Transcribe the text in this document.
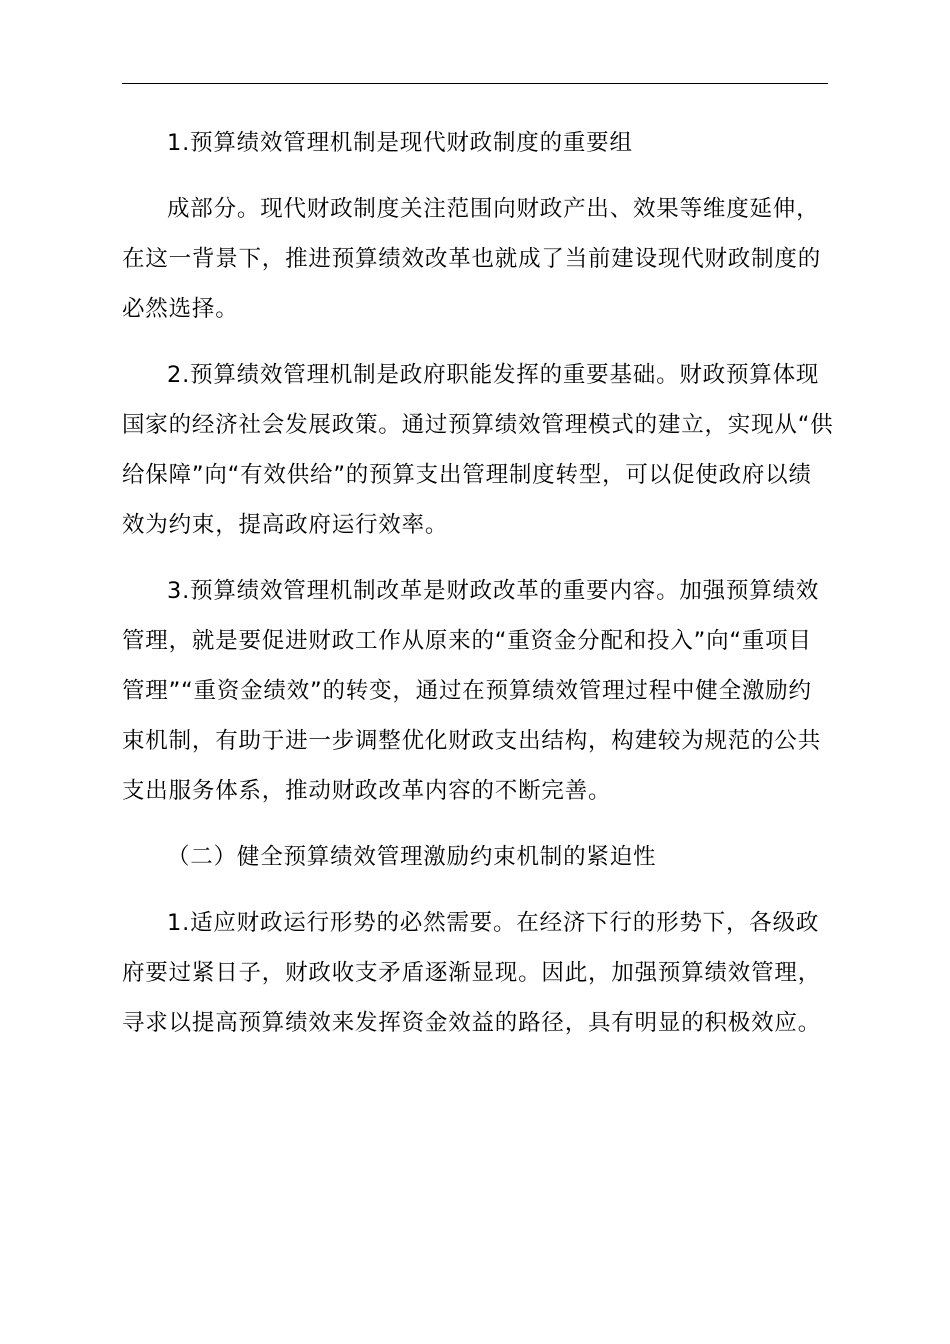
1.预算绩效管理机制是现代财政制度的重要组

成部分。现代财政制度关注范围向财政产出、效果等维度延伸，在这一背景下，推进预算绩效改革也就成了当前建设现代财政制度的必然选择。

2.预算绩效管理机制是政府职能发挥的重要基础。财政预算体现国家的经济社会发展政策。通过预算绩效管理模式的建立，实现从“供给保障”向“有效供给”的预算支出管理制度转型，可以促使政府以绩效为约束，提高政府运行效率。

3.预算绩效管理机制改革是财政改革的重要内容。加强预算绩效管理，就是要促进财政工作从原来的“重资金分配和投入”向“重项目管理”“重资金绩效”的转变，通过在预算绩效管理过程中健全激励约束机制，有助于进一步调整优化财政支出结构，构建较为规范的公共支出服务体系，推动财政改革内容的不断完善。

（二）健全预算绩效管理激励约束机制的紧迫性

1.适应财政运行形势的必然需要。在经济下行的形势下，各级政府要过紧日子，财政收支矛盾逐渐显现。因此，加强预算绩效管理，寻求以提高预算绩效来发挥资金效益的路径，具有明显的积极效应。
